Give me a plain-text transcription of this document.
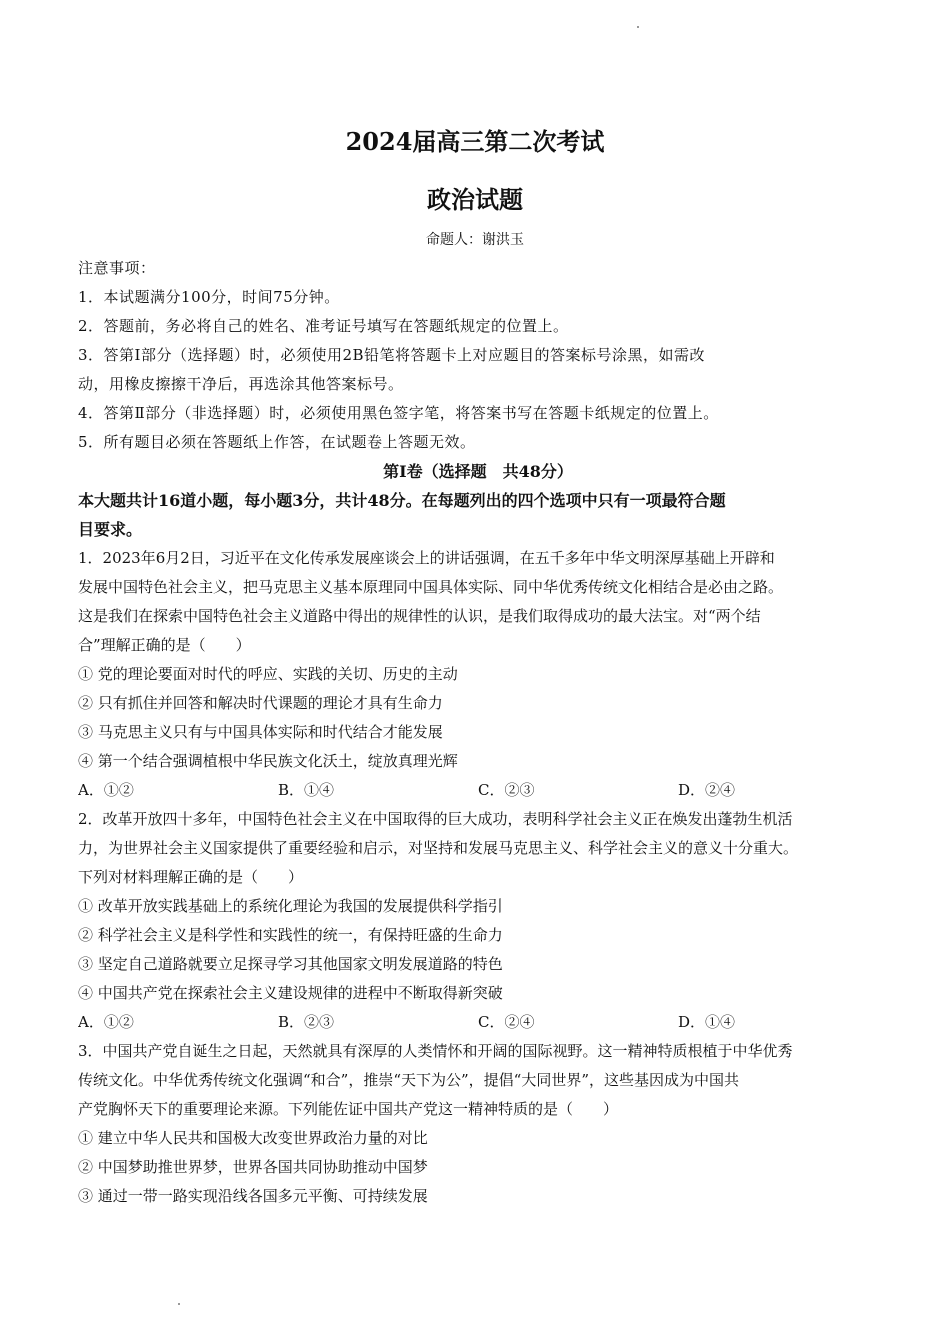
2024届高三第二次考试
政治试题
命题人：谢洪玉
注意事项：
1．本试题满分100分，时间75分钟。
2．答题前，务必将自己的姓名、准考证号填写在答题纸规定的位置上。
3．答第Ⅰ部分（选择题）时，必须使用2B铅笔将答题卡上对应题目的答案标号涂黑，如需改
动，用橡皮擦擦干净后，再选涂其他答案标号。
4．答第Ⅱ部分（非选择题）时，必须使用黑色签字笔，将答案书写在答题卡纸规定的位置上。
5．所有题目必须在答题纸上作答，在试题卷上答题无效。
第Ⅰ卷（选择题　共48分）
本大题共计16道小题，每小题3分，共计48分。在每题列出的四个选项中只有一项最符合题
目要求。
1．2023年6月2日，习近平在文化传承发展座谈会上的讲话强调，在五千多年中华文明深厚基础上开辟和
发展中国特色社会主义，把马克思主义基本原理同中国具体实际、同中华优秀传统文化相结合是必由之路。
这是我们在探索中国特色社会主义道路中得出的规律性的认识，是我们取得成功的最大法宝。对“两个结
合”理解正确的是（　　）
① 党的理论要面对时代的呼应、实践的关切、历史的主动
② 只有抓住并回答和解决时代课题的理论才具有生命力
③ 马克思主义只有与中国具体实际和时代结合才能发展
④ 第一个结合强调植根中华民族文化沃土，绽放真理光辉
A．①②	B．①④	C．②③	D．②④
2．改革开放四十多年，中国特色社会主义在中国取得的巨大成功，表明科学社会主义正在焕发出蓬勃生机活
力，为世界社会主义国家提供了重要经验和启示，对坚持和发展马克思主义、科学社会主义的意义十分重大。
下列对材料理解正确的是（　　）
① 改革开放实践基础上的系统化理论为我国的发展提供科学指引
② 科学社会主义是科学性和实践性的统一，有保持旺盛的生命力
③ 坚定自己道路就要立足探寻学习其他国家文明发展道路的特色
④ 中国共产党在探索社会主义建设规律的进程中不断取得新突破
A．①②	B．②③	C．②④	D．①④
3．中国共产党自诞生之日起，天然就具有深厚的人类情怀和开阔的国际视野。这一精神特质根植于中华优秀
传统文化。中华优秀传统文化强调“和合”，推崇“天下为公”，提倡“大同世界”，这些基因成为中国共
产党胸怀天下的重要理论来源。下列能佐证中国共产党这一精神特质的是（　　）
① 建立中华人民共和国极大改变世界政治力量的对比
② 中国梦助推世界梦，世界各国共同协助推动中国梦
③ 通过一带一路实现沿线各国多元平衡、可持续发展
